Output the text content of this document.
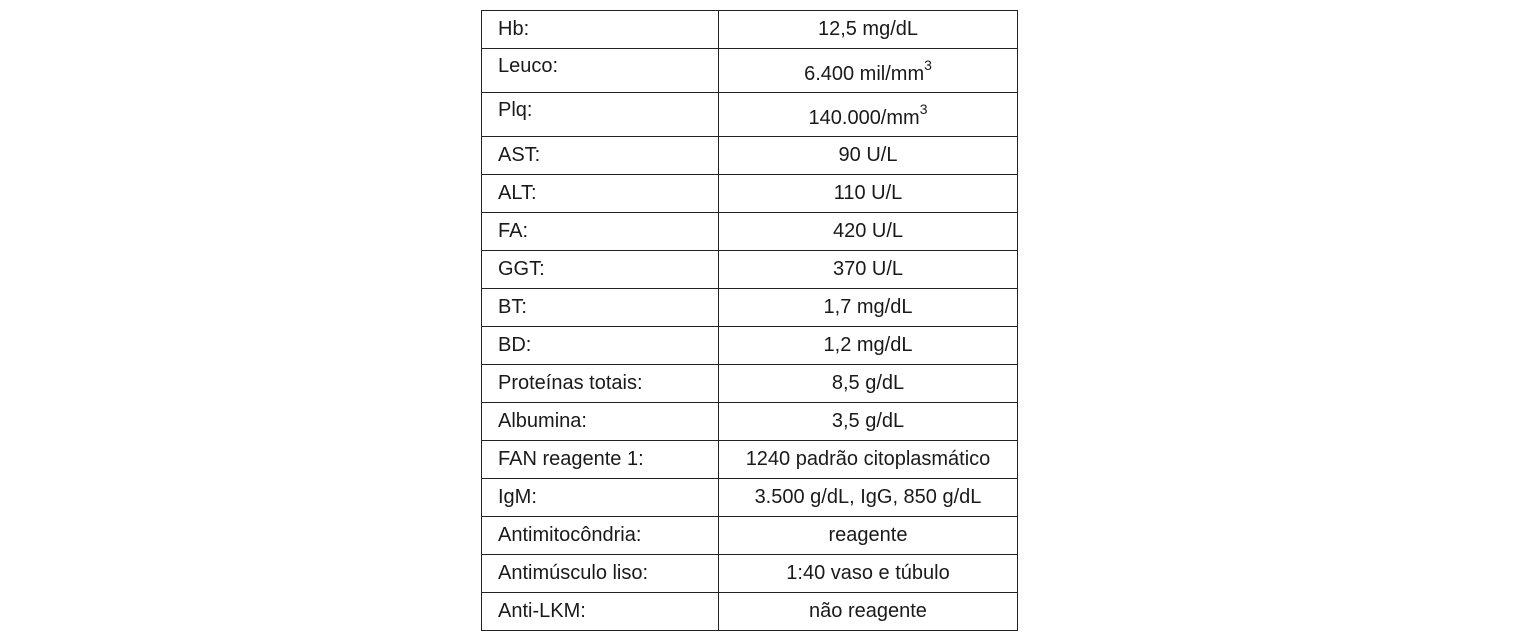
Hb:	12,5 mg/dL
Leuco:	6.400 mil/$mm^3$
Plq:	$140.000/mm^3$
AST:	90 U/L
ALT:	110 U/L
FA:	420 U/L
GGT:	370 U/L
BT:	1,7 mg/dL
BD:	1,2 mg/dL
Proteínas totais:	8,5 g/dL
Albumina:	3,5 g/dL
FAN reagente 1:	1240 padrão citoplasmático
IgM:	3.500 g/dL, IgG, 850 g/dL
Antimitocôndria:	reagente
Antimúsculo liso:	1:40 vaso e túbulo
Anti-LKM:	não reagente
